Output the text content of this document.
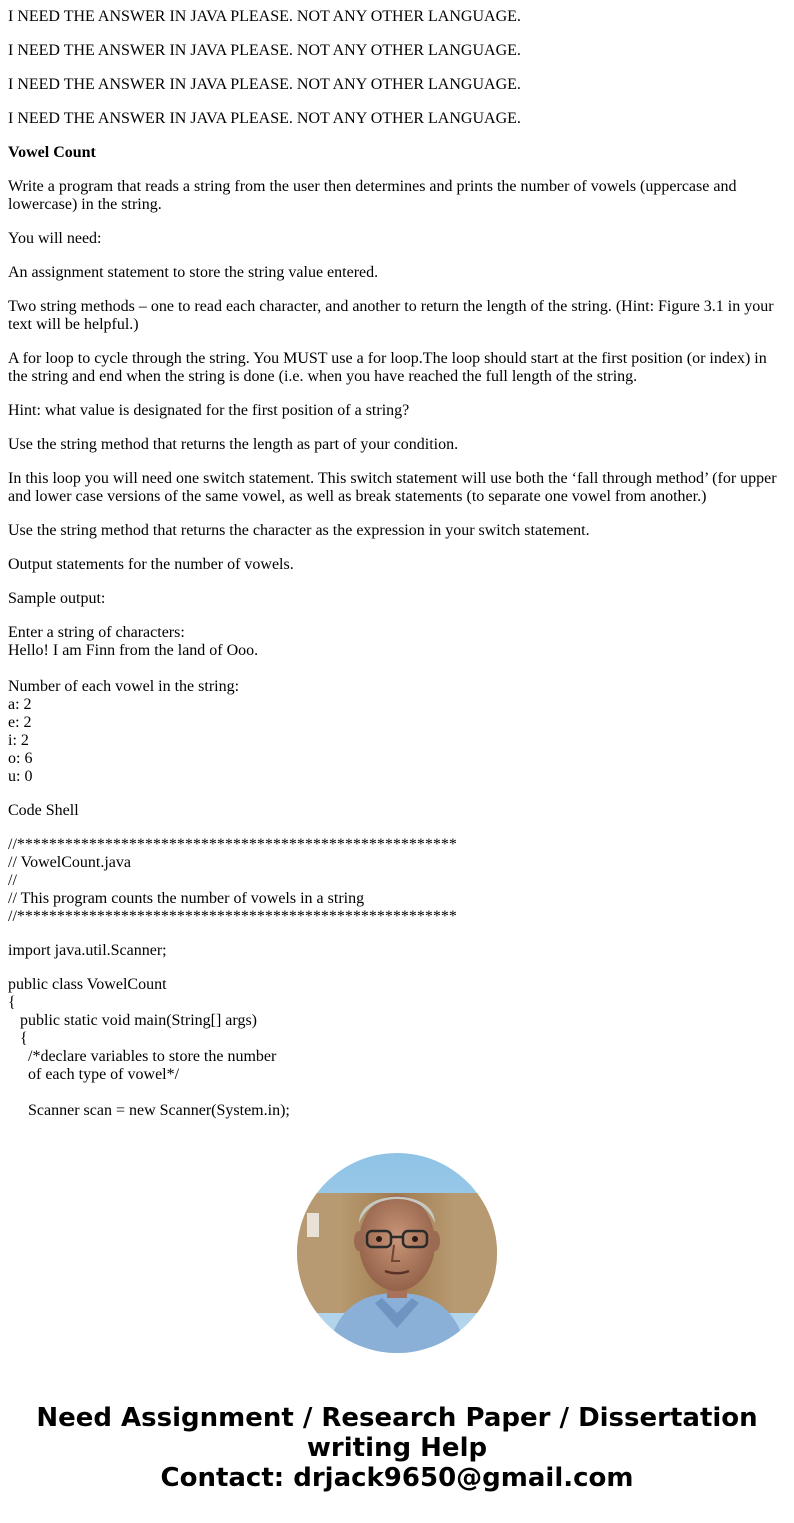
I NEED THE ANSWER IN JAVA PLEASE. NOT ANY OTHER LANGUAGE.

I NEED THE ANSWER IN JAVA PLEASE. NOT ANY OTHER LANGUAGE.

I NEED THE ANSWER IN JAVA PLEASE. NOT ANY OTHER LANGUAGE.

I NEED THE ANSWER IN JAVA PLEASE. NOT ANY OTHER LANGUAGE.

Vowel Count

Write a program that reads a string from the user then determines and prints the number of vowels (uppercase and
lowercase) in the string.

You will need:

An assignment statement to store the string value entered.

Two string methods – one to read each character, and another to return the length of the string. (Hint: Figure 3.1 in your
text will be helpful.)

A for loop to cycle through the string. You MUST use a for loop.The loop should start at the first position (or index) in
the string and end when the string is done (i.e. when you have reached the full length of the string.

Hint: what value is designated for the first position of a string?

Use the string method that returns the length as part of your condition.

In this loop you will need one switch statement. This switch statement will use both the ‘fall through method’ (for upper
and lower case versions of the same vowel, as well as break statements (to separate one vowel from another.)

Use the string method that returns the character as the expression in your switch statement.

Output statements for the number of vowels.

Sample output:

Enter a string of characters:
Hello! I am Finn from the land of Ooo.
Number of each vowel in the string:
a: 2
e: 2
i: 2
o: 6
u: 0

Code Shell

//*******************************************************
// VowelCount.java
//
// This program counts the number of vowels in a string
//*******************************************************

import java.util.Scanner;

public class VowelCount
{
public static void main(String[] args)
{
/*declare variables to store the number
of each type of vowel*/
Scanner scan = new Scanner(System.in);

Need Assignment / Research Paper / Dissertation
writing Help
Contact: drjack9650@gmail.com
